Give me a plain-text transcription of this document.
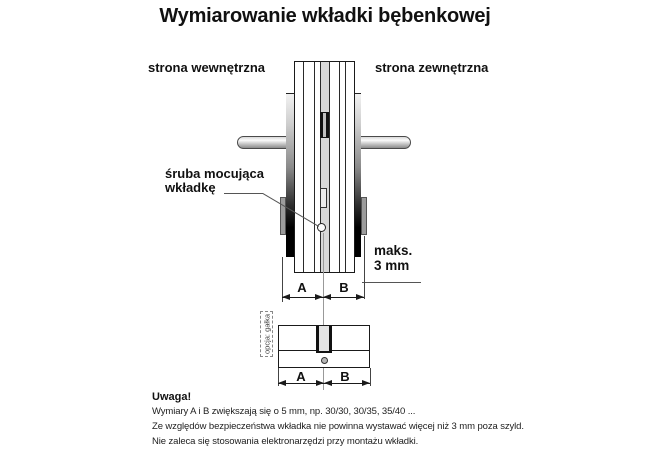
Wymiarowanie wkładki bębenkowej
strona wewnętrzna	strona zewnętrzna
śruba mocująca
wkładkę
maks.
3 mm
A	B
opcja: gałka
A	B
Uwaga!
Wymiary A i B zwiększają się o 5 mm, np. 30/30, 30/35, 35/40 ...
Ze względów bezpieczeństwa wkładka nie powinna wystawać więcej niż 3 mm poza szyld.
Nie zaleca się stosowania elektronarzędzi przy montażu wkładki.
